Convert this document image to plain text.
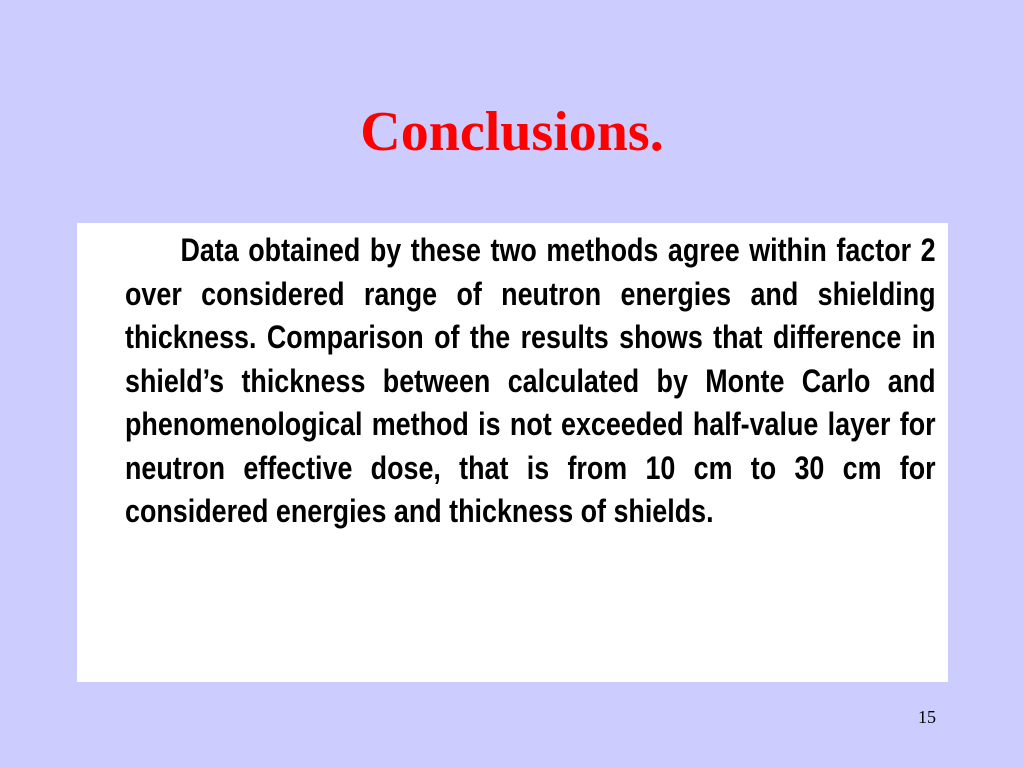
Conclusions.

Data obtained by these two methods agree within factor 2 over considered range of neutron energies and shielding thickness. Comparison of the results shows that difference in shield’s thickness between calculated by Monte Carlo and phenomenological method is not exceeded half-value layer for neutron effective dose, that is from 10 cm to 30 cm for considered energies and thickness of shields.

15
